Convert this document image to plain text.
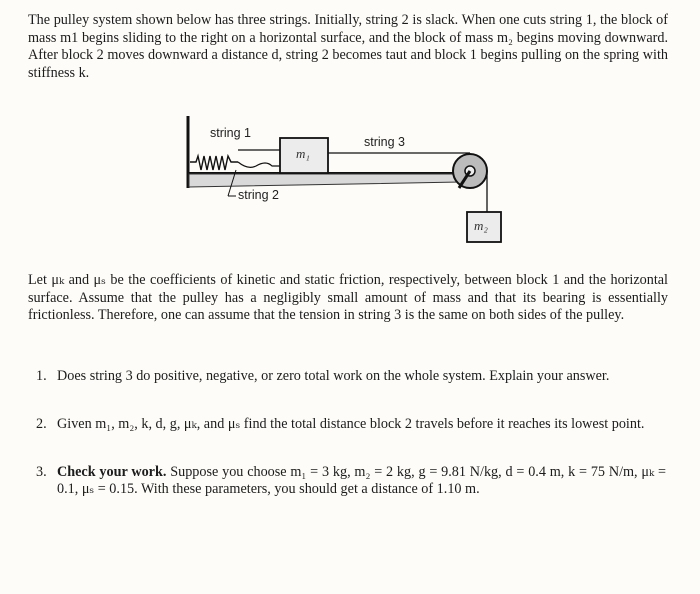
The pulley system shown below has three strings. Initially, string 2 is slack. When one cuts string 1, the block of mass m1 begins sliding to the right on a horizontal surface, and the block of mass m₂ begins moving downward. After block 2 moves downward a distance d, string 2 becomes taut and block 1 begins pulling on the spring with stiffness k.
string 1
string 3
string 2
m₁
m₂
Let μₖ and μₛ be the coefficients of kinetic and static friction, respectively, between block 1 and the horizontal surface. Assume that the pulley has a negligibly small amount of mass and that its bearing is essentially frictionless. Therefore, one can assume that the tension in string 3 is the same on both sides of the pulley.
1. Does string 3 do positive, negative, or zero total work on the whole system. Explain your answer.
2. Given m₁, m₂, k, d, g, μₖ, and μₛ find the total distance block 2 travels before it reaches its lowest point.
3. Check your work. Suppose you choose m₁ = 3 kg, m₂ = 2 kg, g = 9.81 N/kg, d = 0.4 m, k = 75 N/m, μₖ = 0.1, μₛ = 0.15. With these parameters, you should get a distance of 1.10 m.
